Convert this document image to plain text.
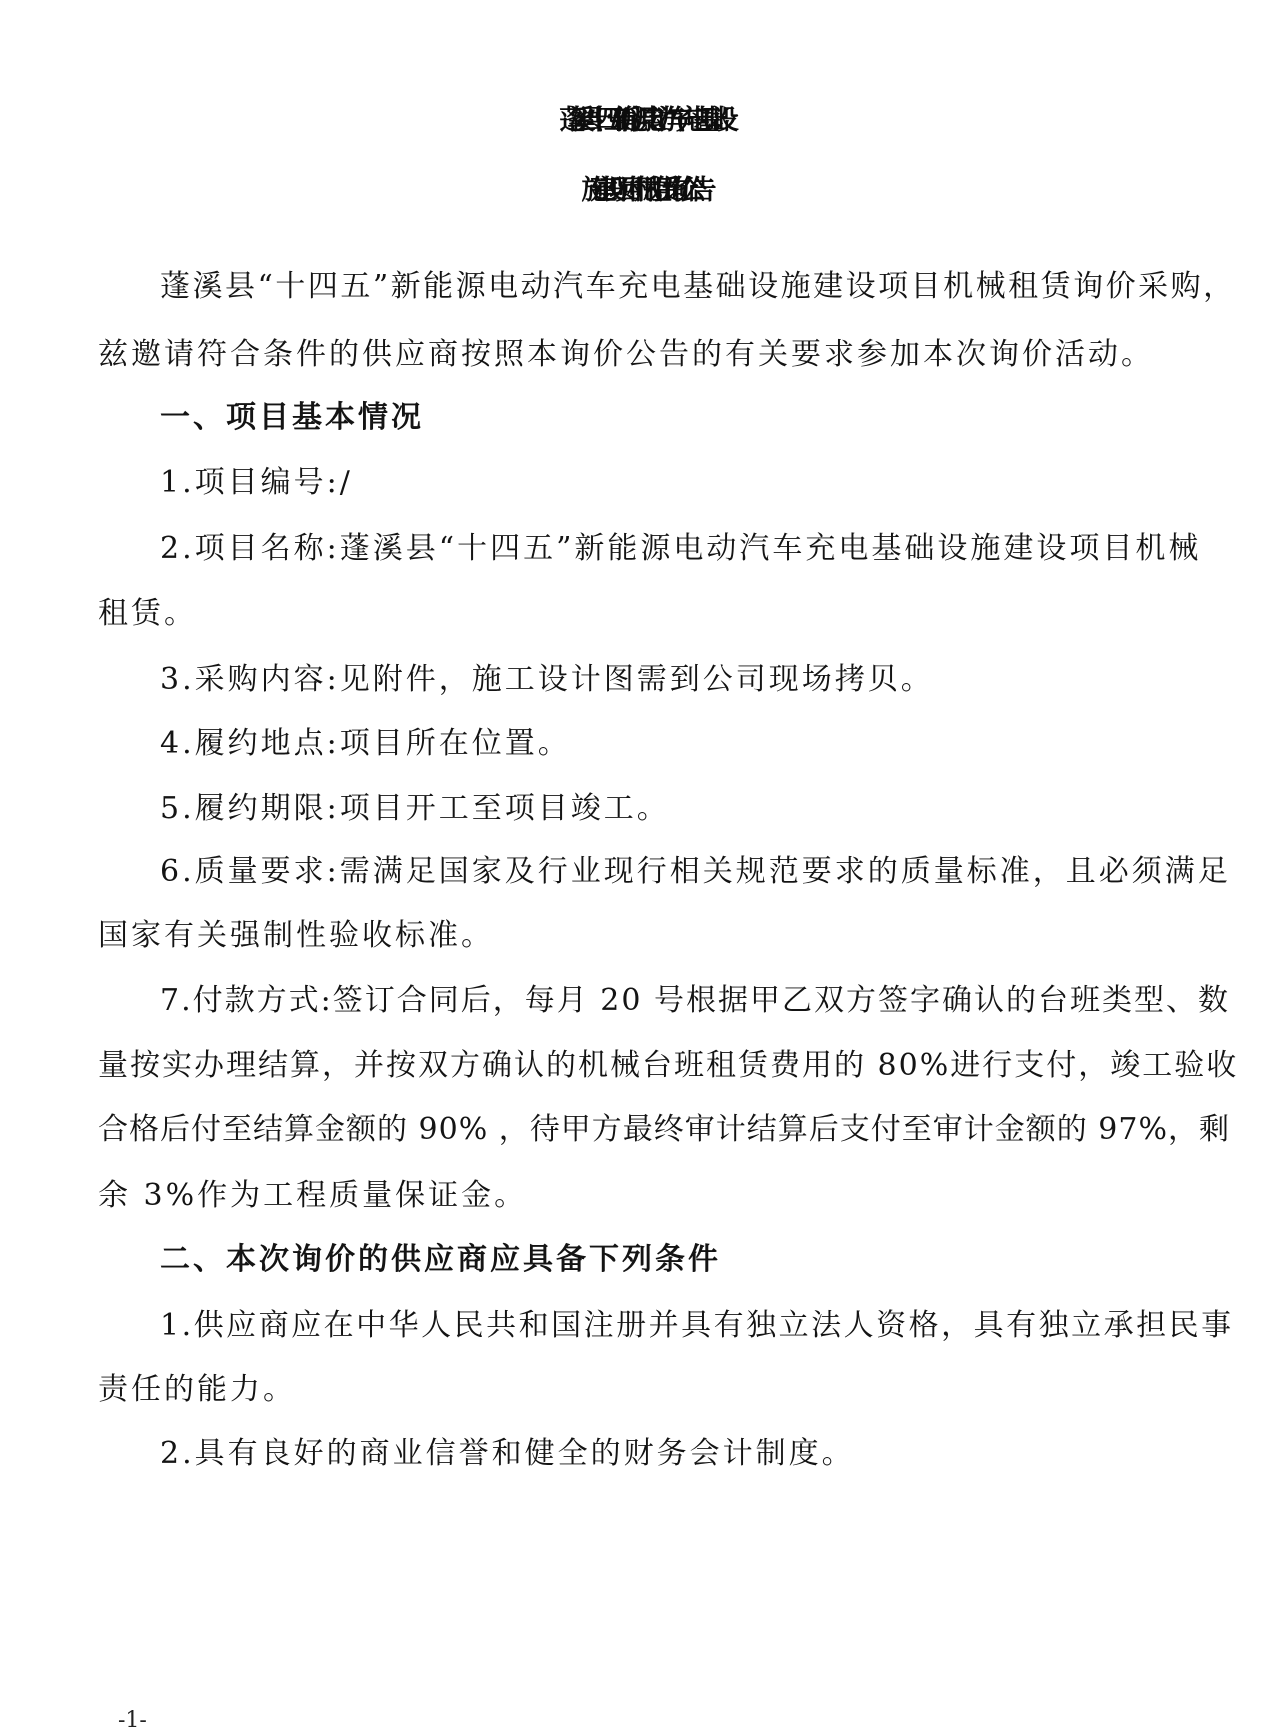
蓬溪县“十四五”新能源电动汽车充电基础设
施建设项目机械租赁询价公告
蓬溪县“十四五”新能源电动汽车充电基础设施建设项目机械租赁询价采购，
兹邀请符合条件的供应商按照本询价公告的有关要求参加本次询价活动。
一、项目基本情况
1.项目编号:/
2.项目名称:蓬溪县“十四五”新能源电动汽车充电基础设施建设项目机械
租赁。
3.采购内容:见附件，施工设计图需到公司现场拷贝。
4.履约地点:项目所在位置。
5.履约期限:项目开工至项目竣工。
6.质量要求:需满足国家及行业现行相关规范要求的质量标准，且必须满足
国家有关强制性验收标准。
7.付款方式:签订合同后，每月 20 号根据甲乙双方签字确认的台班类型、数
量按实办理结算，并按双方确认的机械台班租赁费用的 80%进行支付，竣工验收
合格后付至结算金额的 90% ，待甲方最终审计结算后支付至审计金额的 97%，剩
余 3%作为工程质量保证金。
二、本次询价的供应商应具备下列条件
1.供应商应在中华人民共和国注册并具有独立法人资格，具有独立承担民事
责任的能力。
2.具有良好的商业信誉和健全的财务会计制度。
-1-
